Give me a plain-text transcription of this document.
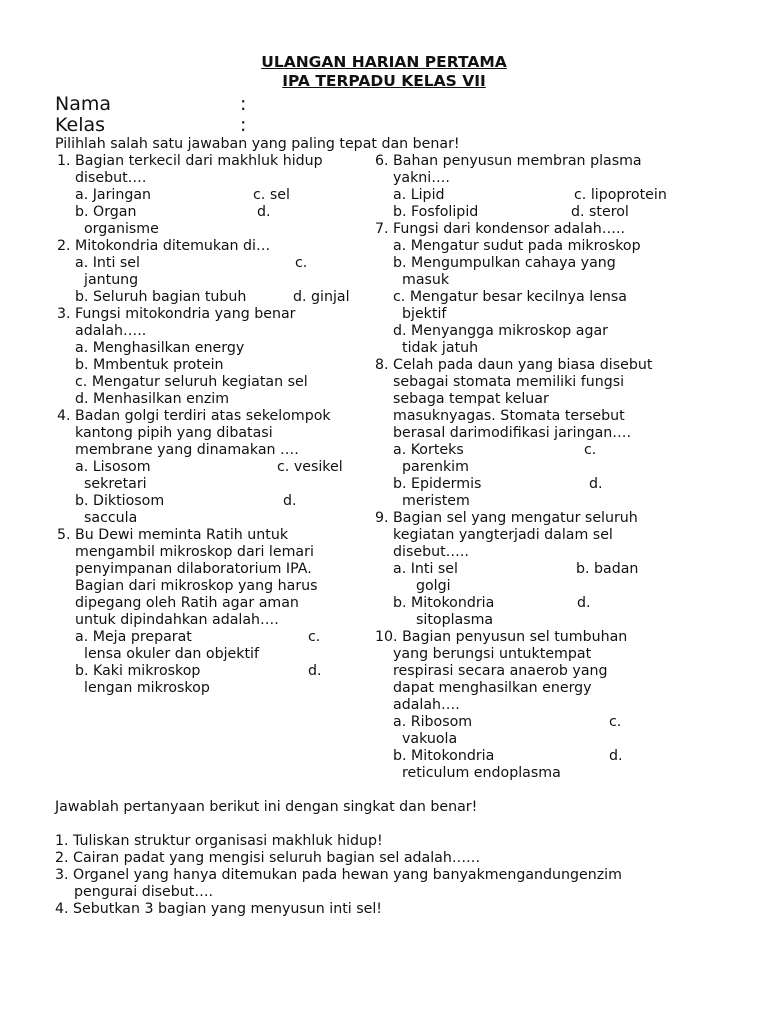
ULANGAN HARIAN PERTAMA
IPA TERPADU KELAS VII
Nama	:
Kelas	:
Pilihlah salah satu jawaban yang paling tepat dan benar!
1. Bagian terkecil dari makhluk hidup
disebut….
a. Jaringan	c. sel
b. Organ	d.
organisme
2. Mitokondria ditemukan di…
a. Inti sel	c.
jantung
b. Seluruh bagian tubuh	d. ginjal
3. Fungsi mitokondria yang benar
adalah…..
a. Menghasilkan energy
b. Mmbentuk protein
c. Mengatur seluruh kegiatan sel
d. Menhasilkan enzim
4. Badan golgi terdiri atas sekelompok
kantong pipih yang dibatasi
membrane yang dinamakan ….
a. Lisosom	c. vesikel
sekretari
b. Diktiosom	d.
saccula
5. Bu Dewi meminta Ratih untuk
mengambil mikroskop dari lemari
penyimpanan dilaboratorium IPA.
Bagian dari mikroskop yang harus
dipegang oleh Ratih agar aman
untuk dipindahkan adalah….
a. Meja preparat	c.
lensa okuler dan objektif
b. Kaki mikroskop	d.
lengan mikroskop
6. Bahan penyusun membran plasma
yakni….
a. Lipid	c. lipoprotein
b. Fosfolipid	d. sterol
7. Fungsi dari kondensor adalah…..
a. Mengatur sudut pada mikroskop
b. Mengumpulkan cahaya yang
masuk
c. Mengatur besar kecilnya lensa
bjektif
d. Menyangga mikroskop agar
tidak jatuh
8. Celah pada daun yang biasa disebut
sebagai stomata memiliki fungsi
sebaga tempat keluar
masuknyagas. Stomata tersebut
berasal darimodifikasi jaringan….
a. Korteks	c.
parenkim
b. Epidermis	d.
meristem
9. Bagian sel yang mengatur seluruh
kegiatan yangterjadi dalam sel
disebut…..
a. Inti sel	b. badan
golgi
b. Mitokondria	d.
sitoplasma
10. Bagian penyusun sel tumbuhan
yang berungsi untuktempat
respirasi secara anaerob yang
dapat menghasilkan energy
adalah….
a. Ribosom	c.
vakuola
b. Mitokondria	d.
reticulum endoplasma
Jawablah pertanyaan berikut ini dengan singkat dan benar!
1. Tuliskan struktur organisasi makhluk hidup!
2. Cairan padat yang mengisi seluruh bagian sel adalah……
3. Organel yang hanya ditemukan pada hewan yang banyakmengandungenzim
pengurai disebut….
4. Sebutkan 3 bagian yang menyusun inti sel!
